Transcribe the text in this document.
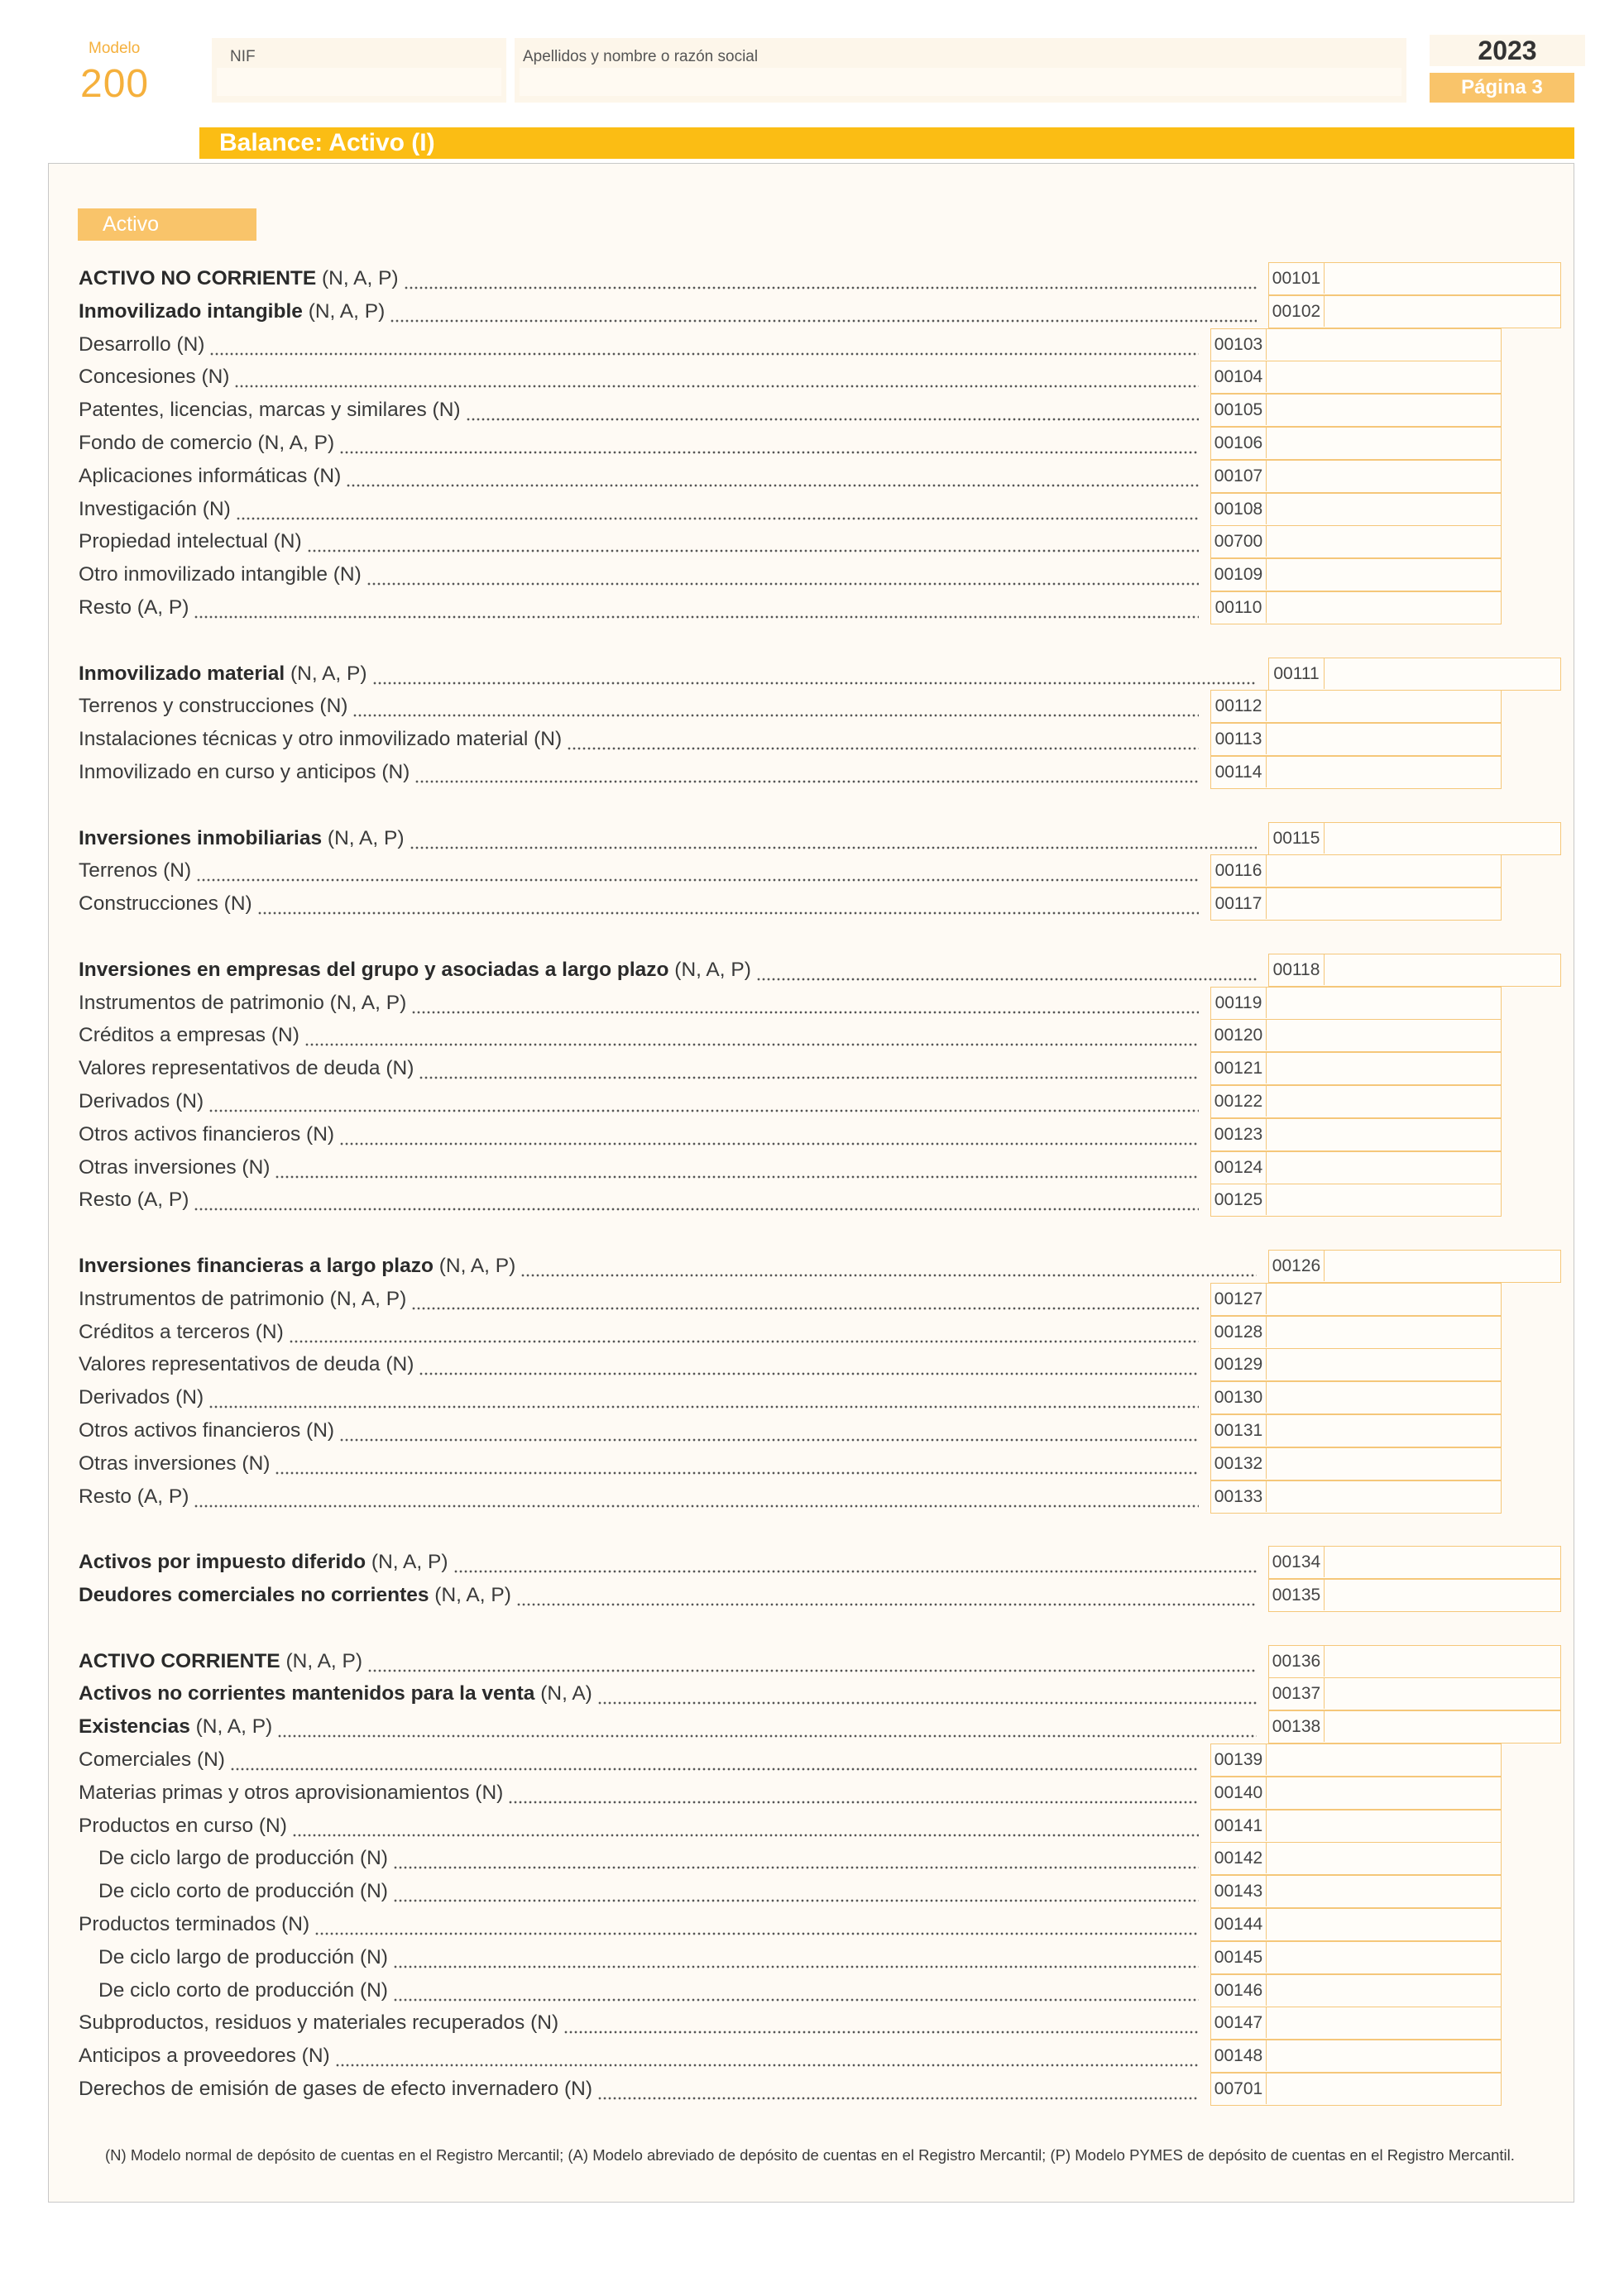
Modelo
200
NIF	Apellidos y nombre o razón social	2023
Página 3
Balance: Activo (I)
Activo
ACTIVO NO CORRIENTE (N, A, P)	00101
Inmovilizado intangible (N, A, P)	00102
Desarrollo (N)	00103
Concesiones (N)	00104
Patentes, licencias, marcas y similares (N)	00105
Fondo de comercio (N, A, P)	00106
Aplicaciones informáticas (N)	00107
Investigación (N)	00108
Propiedad intelectual (N)	00700
Otro inmovilizado intangible (N)	00109
Resto (A, P)	00110
Inmovilizado material (N, A, P)	00111
Terrenos y construcciones (N)	00112
Instalaciones técnicas y otro inmovilizado material (N)	00113
Inmovilizado en curso y anticipos (N)	00114
Inversiones inmobiliarias (N, A, P)	00115
Terrenos (N)	00116
Construcciones (N)	00117
Inversiones en empresas del grupo y asociadas a largo plazo (N, A, P)	00118
Instrumentos de patrimonio (N, A, P)	00119
Créditos a empresas (N)	00120
Valores representativos de deuda (N)	00121
Derivados (N)	00122
Otros activos financieros (N)	00123
Otras inversiones (N)	00124
Resto (A, P)	00125
Inversiones financieras a largo plazo (N, A, P)	00126
Instrumentos de patrimonio (N, A, P)	00127
Créditos a terceros (N)	00128
Valores representativos de deuda (N)	00129
Derivados (N)	00130
Otros activos financieros (N)	00131
Otras inversiones (N)	00132
Resto (A, P)	00133
Activos por impuesto diferido (N, A, P)	00134
Deudores comerciales no corrientes (N, A, P)	00135
ACTIVO CORRIENTE (N, A, P)	00136
Activos no corrientes mantenidos para la venta (N, A)	00137
Existencias (N, A, P)	00138
Comerciales (N)	00139
Materias primas y otros aprovisionamientos (N)	00140
Productos en curso (N)	00141
De ciclo largo de producción (N)	00142
De ciclo corto de producción (N)	00143
Productos terminados (N)	00144
De ciclo largo de producción (N)	00145
De ciclo corto de producción (N)	00146
Subproductos, residuos y materiales recuperados (N)	00147
Anticipos a proveedores (N)	00148
Derechos de emisión de gases de efecto invernadero (N)	00701
(N) Modelo normal de depósito de cuentas en el Registro Mercantil; (A) Modelo abreviado de depósito de cuentas en el Registro Mercantil; (P) Modelo PYMES de depósito de cuentas en el Registro Mercantil.
